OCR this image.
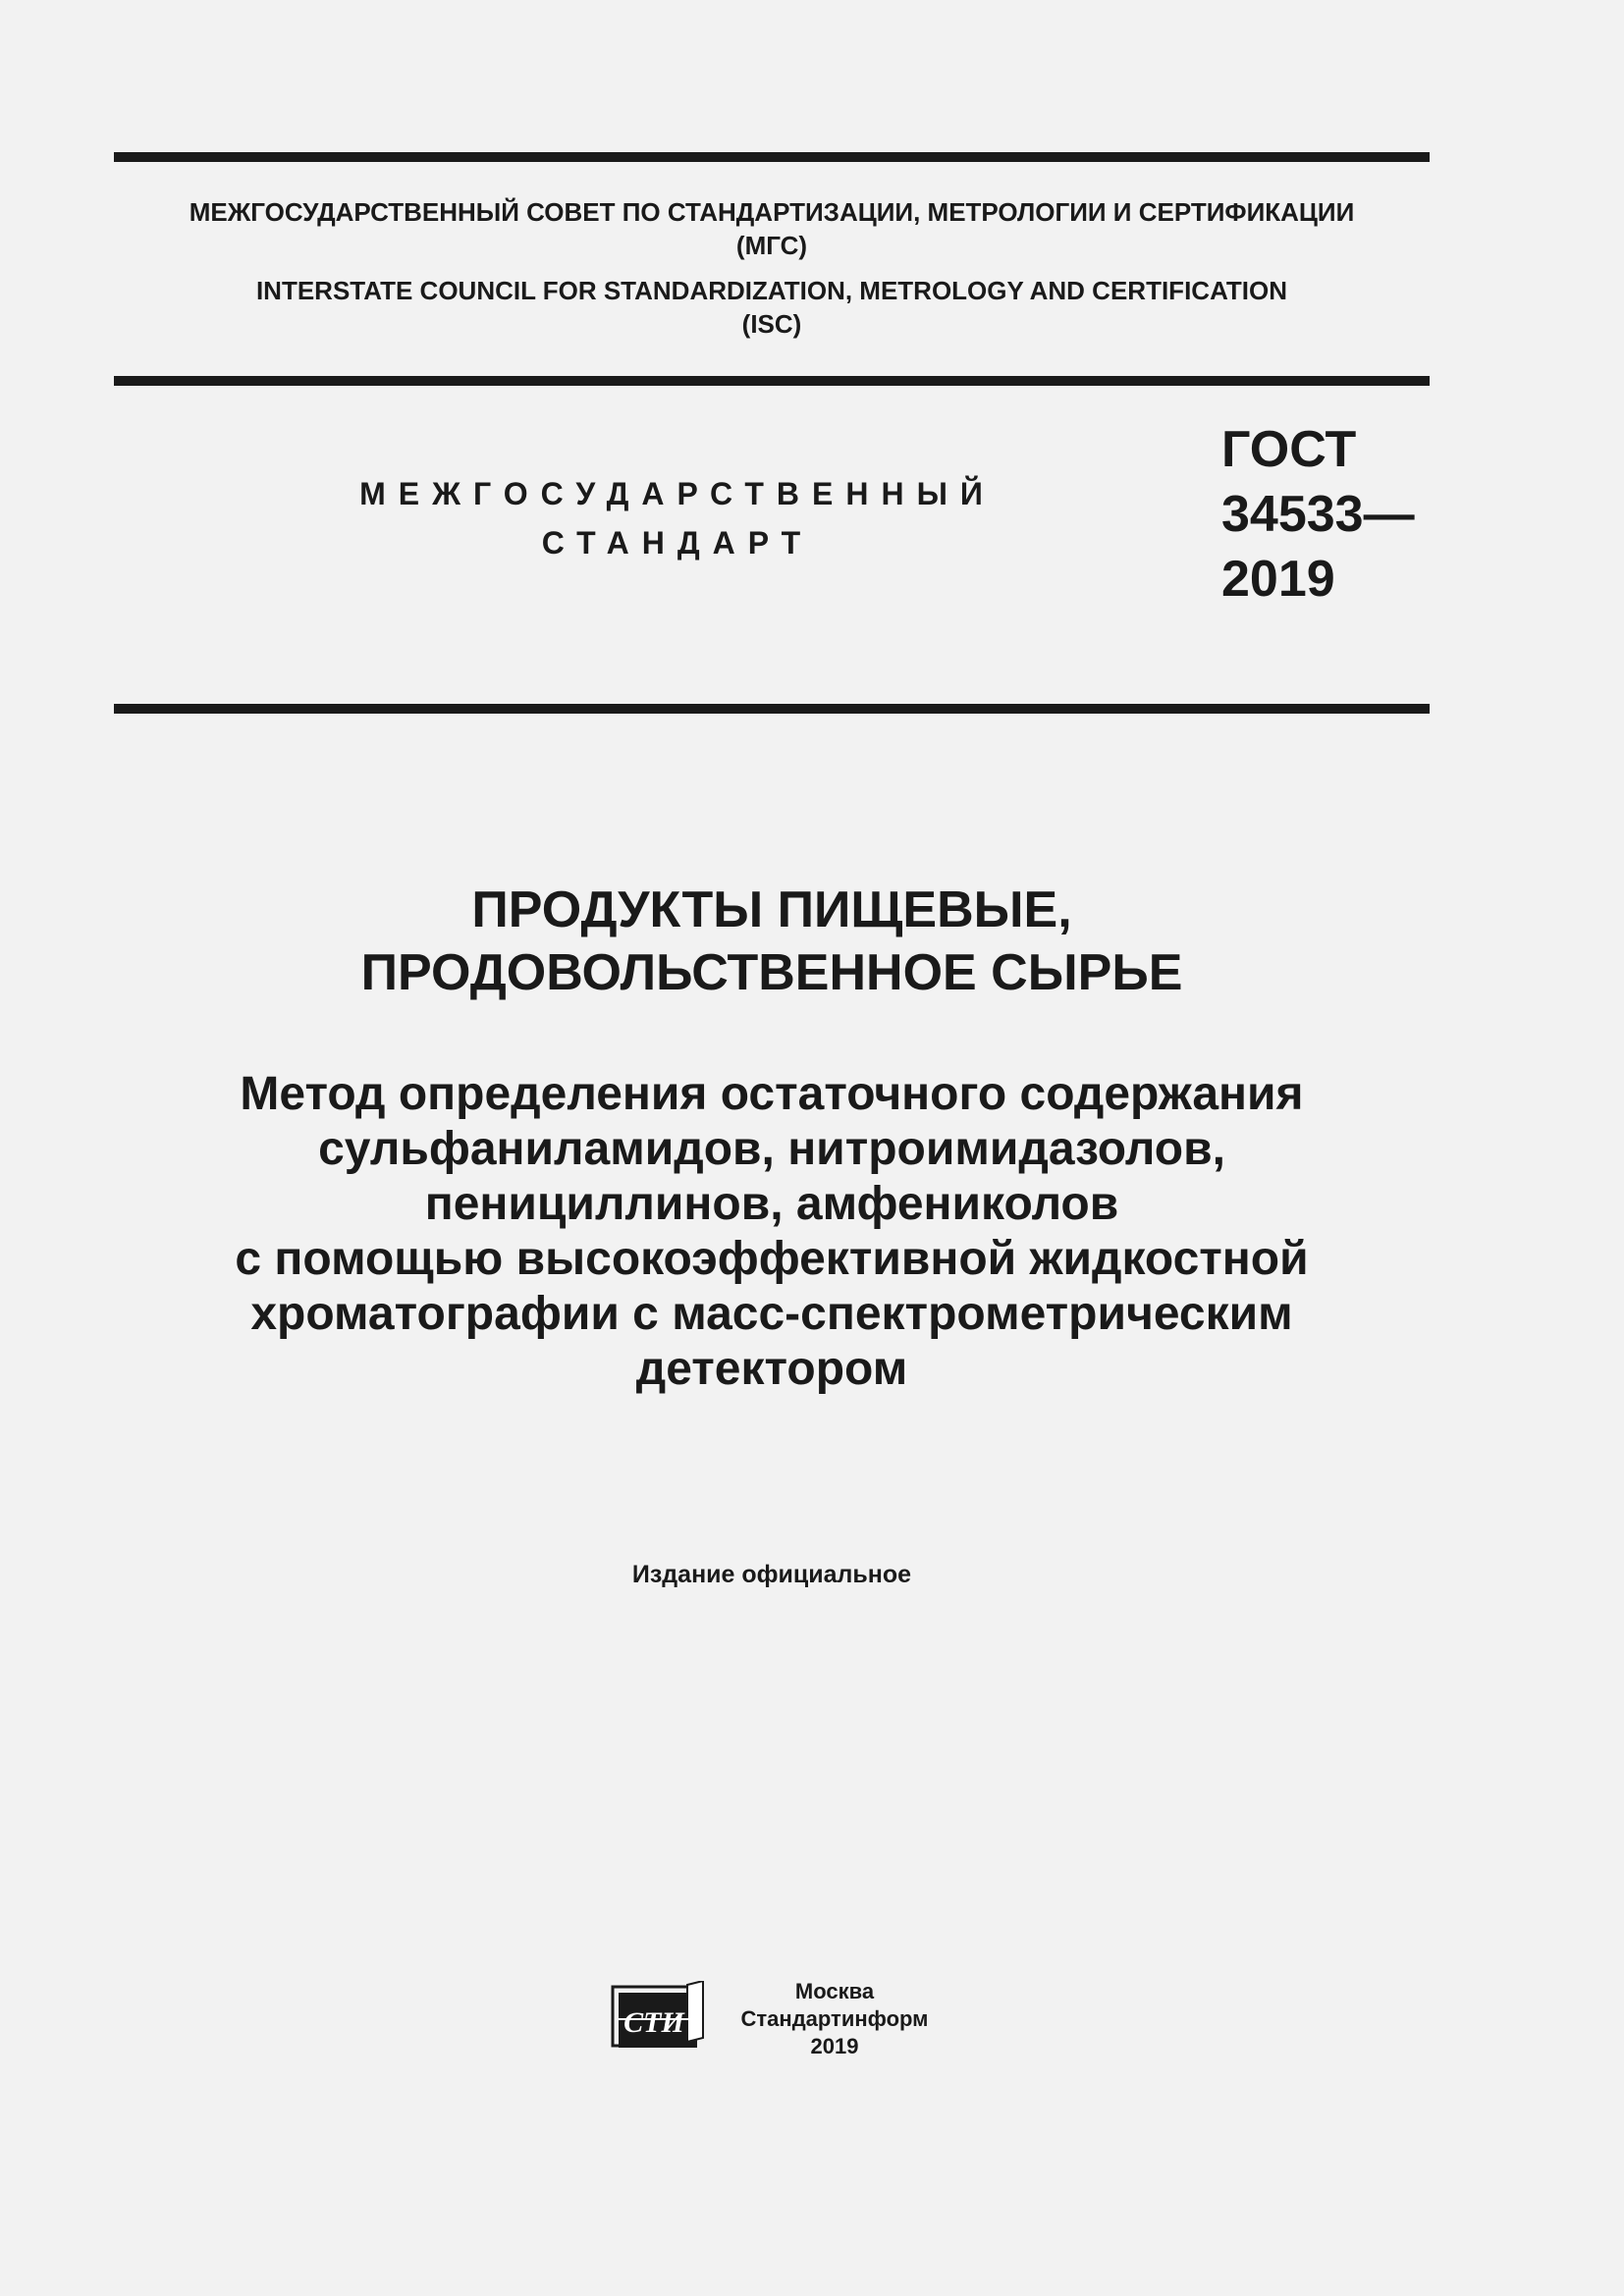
МЕЖГОСУДАРСТВЕННЫЙ СОВЕТ ПО СТАНДАРТИЗАЦИИ, МЕТРОЛОГИИ И СЕРТИФИКАЦИИ
(МГС)
INTERSTATE COUNCIL FOR STANDARDIZATION, METROLOGY AND CERTIFICATION
(ISC)
МЕЖГОСУДАРСТВЕННЫЙ
СТАНДАРТ
ГОСТ
34533—
2019
ПРОДУКТЫ ПИЩЕВЫЕ,
ПРОДОВОЛЬСТВЕННОЕ СЫРЬЕ
Метод определения остаточного содержания
сульфаниламидов, нитроимидазолов,
пенициллинов, амфениколов
с помощью высокоэффективной жидкостной
хроматографии с масс-спектрометрическим
детектором
Издание официальное
СТИ
Москва
Стандартинформ
2019
